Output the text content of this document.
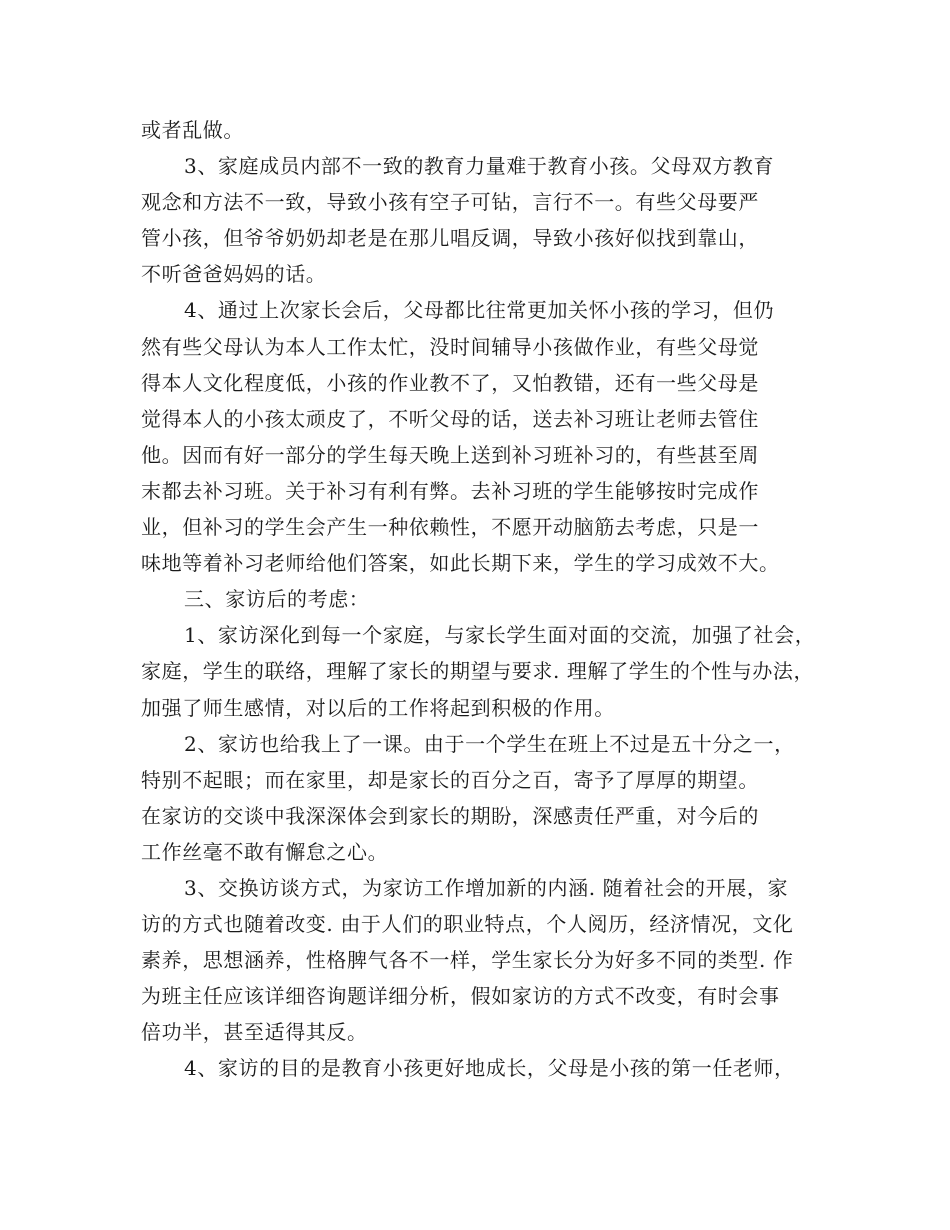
或者乱做。
3、家庭成员内部不一致的教育力量难于教育小孩。父母双方教育
观念和方法不一致，导致小孩有空子可钻，言行不一。有些父母要严
管小孩，但爷爷奶奶却老是在那儿唱反调，导致小孩好似找到靠山，
不听爸爸妈妈的话。
4、通过上次家长会后，父母都比往常更加关怀小孩的学习，但仍
然有些父母认为本人工作太忙，没时间辅导小孩做作业，有些父母觉
得本人文化程度低，小孩的作业教不了，又怕教错，还有一些父母是
觉得本人的小孩太顽皮了，不听父母的话，送去补习班让老师去管住
他。因而有好一部分的学生每天晚上送到补习班补习的，有些甚至周
末都去补习班。关于补习有利有弊。去补习班的学生能够按时完成作
业，但补习的学生会产生一种依赖性，不愿开动脑筋去考虑，只是一
味地等着补习老师给他们答案，如此长期下来，学生的学习成效不大。
三、家访后的考虑：
1、家访深化到每一个家庭，与家长学生面对面的交流，加强了社会，
家庭，学生的联络，理解了家长的期望与要求. 理解了学生的个性与办法，
加强了师生感情，对以后的工作将起到积极的作用。
2、家访也给我上了一课。由于一个学生在班上不过是五十分之一，
特别不起眼；而在家里，却是家长的百分之百，寄予了厚厚的期望。
在家访的交谈中我深深体会到家长的期盼，深感责任严重，对今后的
工作丝毫不敢有懈怠之心。
3、交换访谈方式，为家访工作增加新的内涵. 随着社会的开展，家
访的方式也随着改变. 由于人们的职业特点，个人阅历，经济情况，文化
素养，思想涵养，性格脾气各不一样，学生家长分为好多不同的类型. 作
为班主任应该详细咨询题详细分析，假如家访的方式不改变，有时会事
倍功半，甚至适得其反。
4、家访的目的是教育小孩更好地成长，父母是小孩的第一任老师，
